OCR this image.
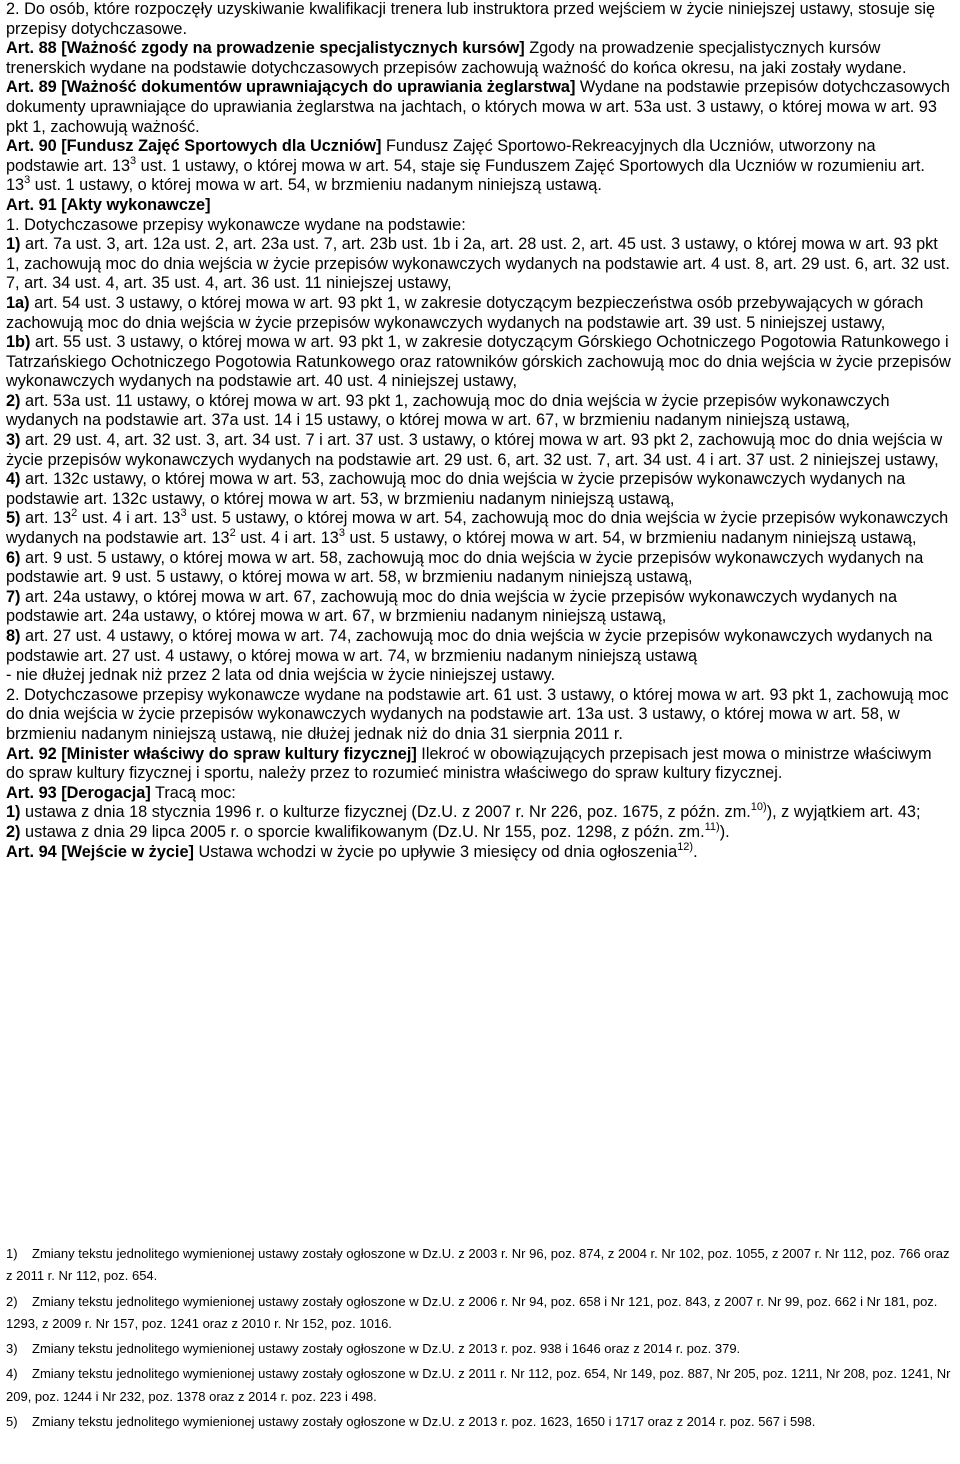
2. Do osób, które rozpoczęły uzyskiwanie kwalifikacji trenera lub instruktora przed wejściem w życie niniejszej ustawy, stosuje się przepisy dotychczasowe.

Art. 88 [Ważność zgody na prowadzenie specjalistycznych kursów] Zgody na prowadzenie specjalistycznych kursów trenerskich wydane na podstawie dotychczasowych przepisów zachowują ważność do końca okresu, na jaki zostały wydane.

Art. 89 [Ważność dokumentów uprawniających do uprawiania żeglarstwa] Wydane na podstawie przepisów dotychczasowych dokumenty uprawniające do uprawiania żeglarstwa na jachtach, o których mowa w art. 53a ust. 3 ustawy, o której mowa w art. 93 pkt 1, zachowują ważność.

Art. 90 [Fundusz Zajęć Sportowych dla Uczniów] Fundusz Zajęć Sportowo-Rekreacyjnych dla Uczniów, utworzony na podstawie art. $13^3$ ust. 1 ustawy, o której mowa w art. 54, staje się Funduszem Zajęć Sportowych dla Uczniów w rozumieniu art. $13^3$ ust. 1 ustawy, o której mowa w art. 54, w brzmieniu nadanym niniejszą ustawą.

Art. 91 [Akty wykonawcze]

1. Dotychczasowe przepisy wykonawcze wydane na podstawie:

1) art. 7a ust. 3, art. 12a ust. 2, art. 23a ust. 7, art. 23b ust. 1b i 2a, art. 28 ust. 2, art. 45 ust. 3 ustawy, o której mowa w art. 93 pkt 1, zachowują moc do dnia wejścia w życie przepisów wykonawczych wydanych na podstawie art. 4 ust. 8, art. 29 ust. 6, art. 32 ust. 7, art. 34 ust. 4, art. 35 ust. 4, art. 36 ust. 11 niniejszej ustawy,

1a) art. 54 ust. 3 ustawy, o której mowa w art. 93 pkt 1, w zakresie dotyczącym bezpieczeństwa osób przebywających w górach zachowują moc do dnia wejścia w życie przepisów wykonawczych wydanych na podstawie art. 39 ust. 5 niniejszej ustawy,

1b) art. 55 ust. 3 ustawy, o której mowa w art. 93 pkt 1, w zakresie dotyczącym Górskiego Ochotniczego Pogotowia Ratunkowego i Tatrzańskiego Ochotniczego Pogotowia Ratunkowego oraz ratowników górskich zachowują moc do dnia wejścia w życie przepisów wykonawczych wydanych na podstawie art. 40 ust. 4 niniejszej ustawy,

2) art. 53a ust. 11 ustawy, o której mowa w art. 93 pkt 1, zachowują moc do dnia wejścia w życie przepisów wykonawczych wydanych na podstawie art. 37a ust. 14 i 15 ustawy, o której mowa w art. 67, w brzmieniu nadanym niniejszą ustawą,

3) art. 29 ust. 4, art. 32 ust. 3, art. 34 ust. 7 i art. 37 ust. 3 ustawy, o której mowa w art. 93 pkt 2, zachowują moc do dnia wejścia w życie przepisów wykonawczych wydanych na podstawie art. 29 ust. 6, art. 32 ust. 7, art. 34 ust. 4 i art. 37 ust. 2 niniejszej ustawy,

4) art. 132c ustawy, o której mowa w art. 53, zachowują moc do dnia wejścia w życie przepisów wykonawczych wydanych na podstawie art. 132c ustawy, o której mowa w art. 53, w brzmieniu nadanym niniejszą ustawą,

5) art. $13^2$ ust. 4 i art. $13^3$ ust. 5 ustawy, o której mowa w art. 54, zachowują moc do dnia wejścia w życie przepisów wykonawczych wydanych na podstawie art. $13^2$ ust. 4 i art. $13^3$ ust. 5 ustawy, o której mowa w art. 54, w brzmieniu nadanym niniejszą ustawą,

6) art. 9 ust. 5 ustawy, o której mowa w art. 58, zachowują moc do dnia wejścia w życie przepisów wykonawczych wydanych na podstawie art. 9 ust. 5 ustawy, o której mowa w art. 58, w brzmieniu nadanym niniejszą ustawą,

7) art. 24a ustawy, o której mowa w art. 67, zachowują moc do dnia wejścia w życie przepisów wykonawczych wydanych na podstawie art. 24a ustawy, o której mowa w art. 67, w brzmieniu nadanym niniejszą ustawą,

8) art. 27 ust. 4 ustawy, o której mowa w art. 74, zachowują moc do dnia wejścia w życie przepisów wykonawczych wydanych na podstawie art. 27 ust. 4 ustawy, o której mowa w art. 74, w brzmieniu nadanym niniejszą ustawą

- nie dłużej jednak niż przez 2 lata od dnia wejścia w życie niniejszej ustawy.

2. Dotychczasowe przepisy wykonawcze wydane na podstawie art. 61 ust. 3 ustawy, o której mowa w art. 93 pkt 1, zachowują moc do dnia wejścia w życie przepisów wykonawczych wydanych na podstawie art. 13a ust. 3 ustawy, o której mowa w art. 58, w brzmieniu nadanym niniejszą ustawą, nie dłużej jednak niż do dnia 31 sierpnia 2011 r.

Art. 92 [Minister właściwy do spraw kultury fizycznej] Ilekroć w obowiązujących przepisach jest mowa o ministrze właściwym do spraw kultury fizycznej i sportu, należy przez to rozumieć ministra właściwego do spraw kultury fizycznej.

Art. 93 [Derogacja] Tracą moc:

1) ustawa z dnia 18 stycznia 1996 r. o kulturze fizycznej (Dz.U. z 2007 r. Nr 226, poz. 1675, z późn. zm.$^{10)}$), z wyjątkiem art. 43;

2) ustawa z dnia 29 lipca 2005 r. o sporcie kwalifikowanym (Dz.U. Nr 155, poz. 1298, z późn. zm.$^{11)}$).

Art. 94 [Wejście w życie] Ustawa wchodzi w życie po upływie 3 miesięcy od dnia ogłoszenia$^{12)}$.

1) Zmiany tekstu jednolitego wymienionej ustawy zostały ogłoszone w Dz.U. z 2003 r. Nr 96, poz. 874, z 2004 r. Nr 102, poz. 1055, z 2007 r. Nr 112, poz. 766 oraz z 2011 r. Nr 112, poz. 654.

2) Zmiany tekstu jednolitego wymienionej ustawy zostały ogłoszone w Dz.U. z 2006 r. Nr 94, poz. 658 i Nr 121, poz. 843, z 2007 r. Nr 99, poz. 662 i Nr 181, poz. 1293, z 2009 r. Nr 157, poz. 1241 oraz z 2010 r. Nr 152, poz. 1016.

3) Zmiany tekstu jednolitego wymienionej ustawy zostały ogłoszone w Dz.U. z 2013 r. poz. 938 i 1646 oraz z 2014 r. poz. 379.

4) Zmiany tekstu jednolitego wymienionej ustawy zostały ogłoszone w Dz.U. z 2011 r. Nr 112, poz. 654, Nr 149, poz. 887, Nr 205, poz. 1211, Nr 208, poz. 1241, Nr 209, poz. 1244 i Nr 232, poz. 1378 oraz z 2014 r. poz. 223 i 498.

5) Zmiany tekstu jednolitego wymienionej ustawy zostały ogłoszone w Dz.U. z 2013 r. poz. 1623, 1650 i 1717 oraz z 2014 r. poz. 567 i 598.
